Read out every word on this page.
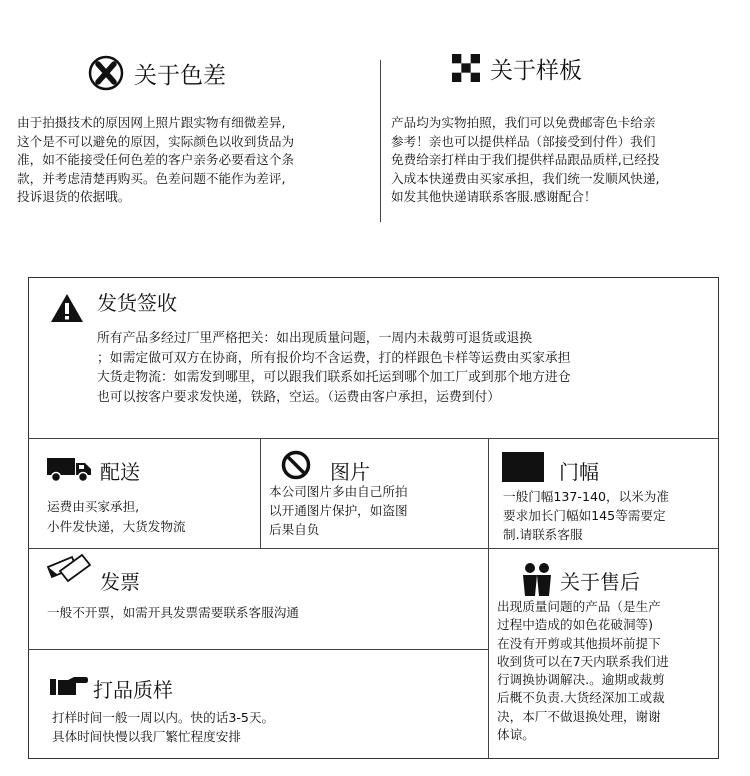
关于色差
由于拍摄技术的原因网上照片跟实物有细微差异,
这个是不可以避免的原因，实际颜色以收到货品为
准，如不能接受任何色差的客户亲务必要看这个条
款，并考虑清楚再购买。色差问题不能作为差评,
投诉退货的依据哦。
关于样板
产品均为实物拍照，我们可以免费邮寄色卡给亲
参考！亲也可以提供样品（部接受到付件）我们
免费给亲打样由于我们提供样品跟品质样,已经投
入成本快递费由买家承担，我们统一发顺风快递,
如发其他快递请联系客服.感谢配合！
发货签收
所有产品多经过厂里严格把关：如出现质量问题，一周内未裁剪可退货或退换
；如需定做可双方在协商，所有报价均不含运费，打的样跟色卡样等运费由买家承担
大货走物流：如需发到哪里，可以跟我们联系如托运到哪个加工厂或到那个地方进仓
也可以按客户要求发快递，铁路，空运。（运费由客户承担，运费到付）
配送
运费由买家承担,
小件发快递，大货发物流
图片
本公司图片多由自己所拍
以开通图片保护，如盗图
后果自负
门幅
一般门幅137-140，以米为准
要求加长门幅如145等需要定
制.请联系客服
发票
一般不开票，如需开具发票需要联系客服沟通
关于售后
出现质量问题的产品（是生产
过程中造成的如色花破洞等)
在没有开剪或其他损坏前提下
收到货可以在7天内联系我们进
行调换协调解决.。逾期或裁剪
后概不负责.大货经深加工或裁
决，本厂不做退换处理，谢谢
体谅。
打品质样
打样时间一般一周以内。快的话3-5天。
具体时间快慢以我厂繁忙程度安排
